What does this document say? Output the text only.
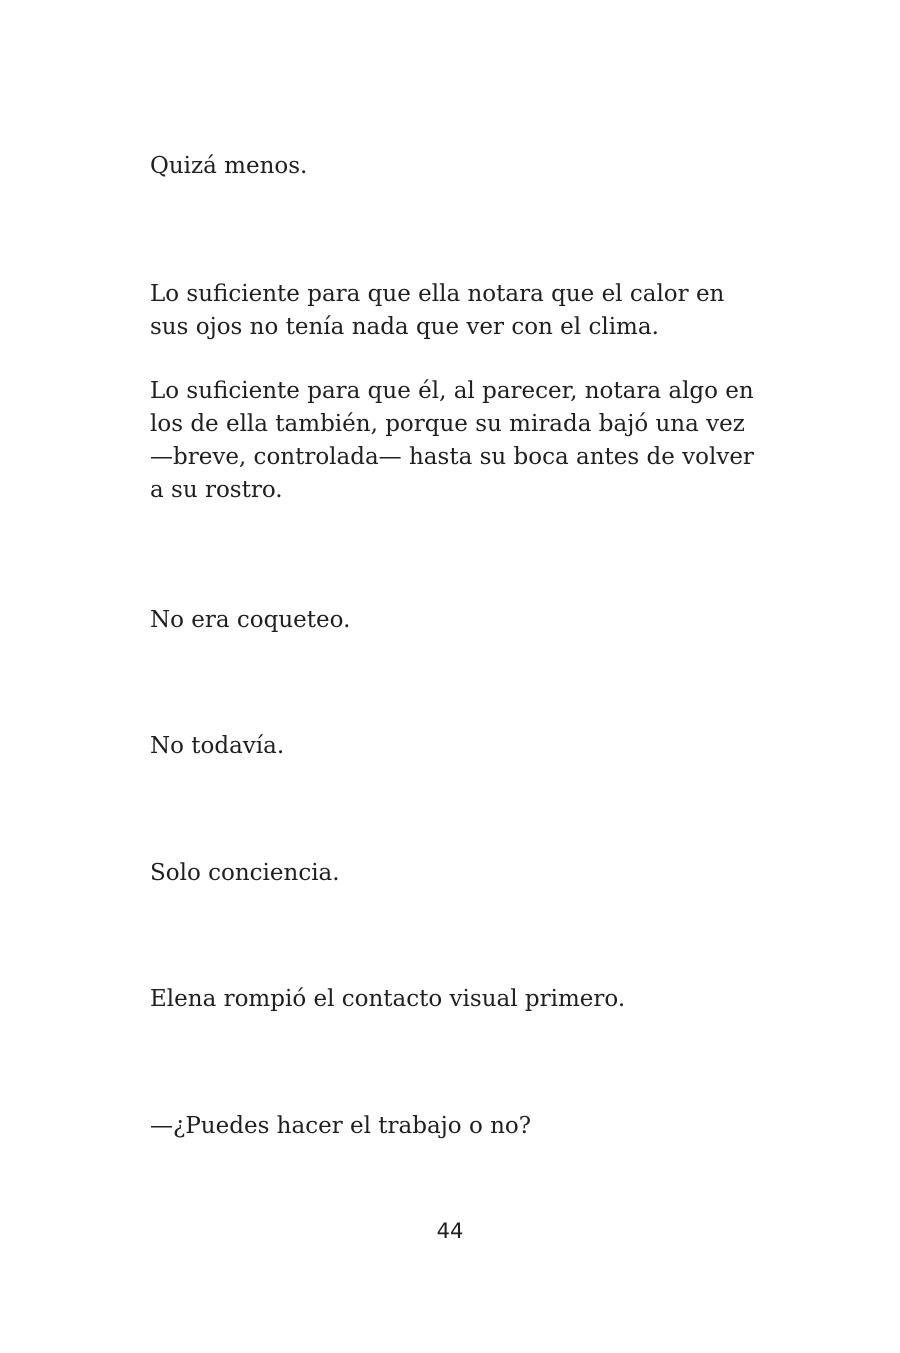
Quizá menos.

Lo suficiente para que ella notara que el calor en sus ojos no tenía nada que ver con el clima.

Lo suficiente para que él, al parecer, notara algo en los de ella también, porque su mirada bajó una vez —breve, controlada— hasta su boca antes de volver a su rostro.

No era coqueteo.

No todavía.

Solo conciencia.

Elena rompió el contacto visual primero.

—¿Puedes hacer el trabajo o no?

44
